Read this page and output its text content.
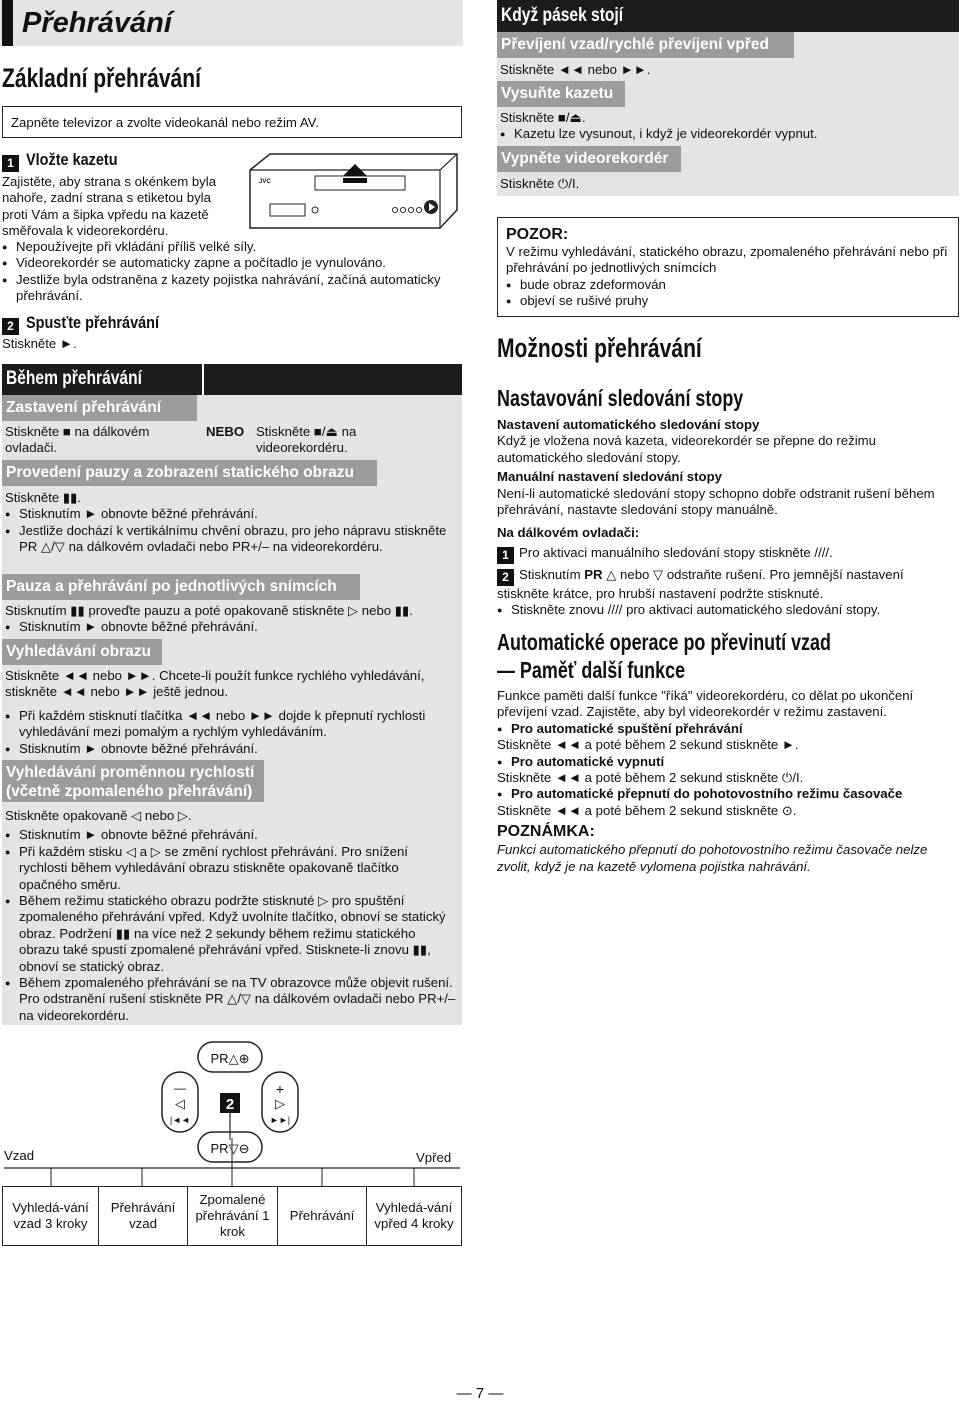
Přehrávání
Základní přehrávání
Zapněte televizor a zvolte videokanál nebo režim AV.
1 Vložte kazetu

Zajistěte, aby strana s okénkem byla

nahoře, zadní strana s etiketou byla

proti Vám a šipka vpředu na kazetě

směřovala k videorekordéru.

● Nepoužívejte při vkládání příliš velké síly.

● Videorekordér se automaticky zapne a počítadlo je vynulováno.

● Jestliže byla odstraněna z kazety pojistka nahrávání, začíná automaticky přehrávání.

JVC
2 Spusťte přehrávání
Stiskněte ►.
Během přehrávání
Zastavení přehrávání
Stiskněte ■ na dálkovém ovladači.
NEBO Stiskněte ■/⏏ na videorekordéru.
Provedení pauzy a zobrazení statického obrazu

Stiskněte ▮▮.

● Stisknutím ► obnovte běžné přehrávání.

● Jestliže dochází k vertikálnímu chvění obrazu, pro jeho nápravu stiskněte PR △/▽ na dálkovém ovladači nebo PR+/– na videorekordéru.

Pauza a přehrávání po jednotlivých snímcích

Stisknutím ▮▮ proveďte pauzu a poté opakovaně stiskněte ▷ nebo ▮▮.

● Stisknutím ► obnovte běžné přehrávání.

Vyhledávání obrazu

Stiskněte ◄◄ nebo ►►. Chcete-li použít funkce rychlého vyhledávání, stiskněte ◄◄ nebo ►► ještě jednou.

● Při každém stisknutí tlačítka ◄◄ nebo ►► dojde k přepnutí rychlosti vyhledávání mezi pomalým a rychlým vyhledáváním.

● Stisknutím ► obnovte běžné přehrávání.

Vyhledávání proměnnou rychlostí
(včetně zpomaleného přehrávání)

Stiskněte opakovaně ◁ nebo ▷.

● Stisknutím ► obnovte běžné přehrávání.

● Při každém stisku ◁ a ▷ se změní rychlost přehrávání. Pro snížení rychlosti během vyhledávání obrazu stiskněte opakovaně tlačítko opačného směru.

● Během režimu statického obrazu podržte stisknuté ▷ pro spuštění zpomaleného přehrávání vpřed. Když uvolníte tlačítko, obnoví se statický obraz. Podržení ▮▮ na více než 2 sekundy během režimu statického obrazu také spustí zpomalené přehrávání vpřed. Stisknete-li znovu ▮▮, obnoví se statický obraz.

● Během zpomaleného přehrávání se na TV obrazovce může objevit rušení. Pro odstranění rušení stiskněte PR △/▽ na dálkovém ovladači nebo PR+/– na videorekordéru.

2
PR△⊕
PR▽⊖
—
◁
|◄◄
+
▷
►►|
Vzad	Vpřed
Vyhledá-vání vzad 3 kroky
Přehrávání vzad
Zpomalené přehrávání 1 krok
Přehrávání
Vyhledá-vání vpřed 4 kroky
Když pásek stojí
Převíjení vzad/rychlé převíjení vpřed
Stiskněte ◄◄ nebo ►►.
Vysuňte kazetu

Stiskněte ■/⏏.

● Kazetu lze vysunout, i když je videorekordér vypnut.

Vypněte videorekordér
Stiskněte ⏻/I.
POZOR:

V režimu vyhledávání, statického obrazu, zpomaleného přehrávání nebo při přehrávání po jednotlivých snímcích

● bude obraz zdeformován

● objeví se rušivé pruhy

Možnosti přehrávání
Nastavování sledování stopy

Nastavení automatického sledování stopy

Když je vložena nová kazeta, videorekordér se přepne do režimu automatického sledování stopy.

Manuální nastavení sledování stopy

Není-li automatické sledování stopy schopno dobře odstranit rušení během přehrávání, nastavte sledování stopy manuálně.

Na dálkovém ovladači:

1 Pro aktivaci manuálního sledování stopy stiskněte ////.

2 Stisknutím PR △ nebo ▽ odstraňte rušení. Pro jemnější nastavení stiskněte krátce, pro hrubší nastavení podržte stisknuté.

● Stiskněte znovu //// pro aktivaci automatického sledování stopy.

Automatické operace po převinutí vzad
— Paměť další funkce

Funkce paměti další funkce "říká" videorekordéru, co dělat po ukončení převíjení vzad. Zajistěte, aby byl videorekordér v režimu zastavení.

● Pro automatické spuštění přehrávání

Stiskněte ◄◄ a poté během 2 sekund stiskněte ►.

● Pro automatické vypnutí

Stiskněte ◄◄ a poté během 2 sekund stiskněte ⏻/I.

● Pro automatické přepnutí do pohotovostního režimu časovače

Stiskněte ◄◄ a poté během 2 sekund stiskněte ⊙.

POZNÁMKA:

Funkci automatického přepnutí do pohotovostního režimu časovače nelze zvolit, když je na kazetě vylomena pojistka nahrávání.

— 7 —
